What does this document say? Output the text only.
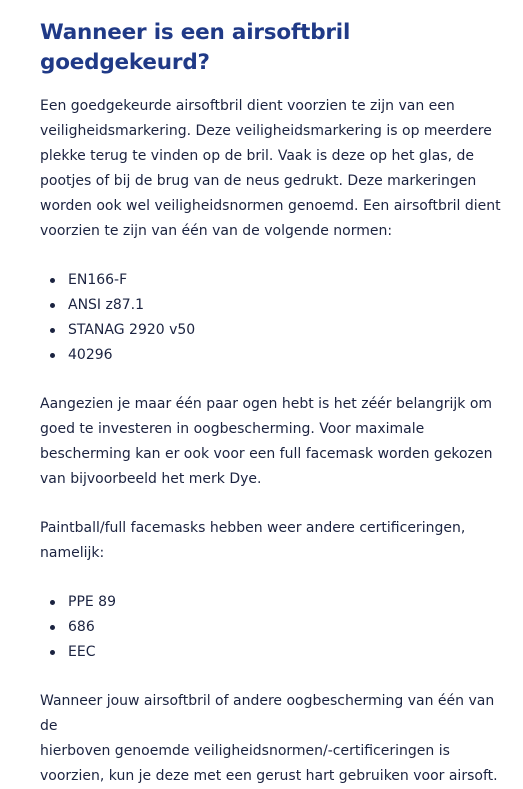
Wanneer is een airsoftbril goedgekeurd?

Een goedgekeurde airsoftbril dient voorzien te zijn van een
veiligheidsmarkering. Deze veiligheidsmarkering is op meerdere
plekke terug te vinden op de bril. Vaak is deze op het glas, de
pootjes of bij de brug van de neus gedrukt. Deze markeringen
worden ook wel veiligheidsnormen genoemd. Een airsoftbril dient
voorzien te zijn van één van de volgende normen:

EN166-F
ANSI z87.1
STANAG 2920 v50
40296

Aangezien je maar één paar ogen hebt is het zéér belangrijk om
goed te investeren in oogbescherming. Voor maximale
bescherming kan er ook voor een full facemask worden gekozen
van bijvoorbeeld het merk Dye.

Paintball/full facemasks hebben weer andere certificeringen,
namelijk:

PPE 89
686
EEC

Wanneer jouw airsoftbril of andere oogbescherming van één van de
hierboven genoemde veiligheidsnormen/-certificeringen is
voorzien, kun je deze met een gerust hart gebruiken voor airsoft.
